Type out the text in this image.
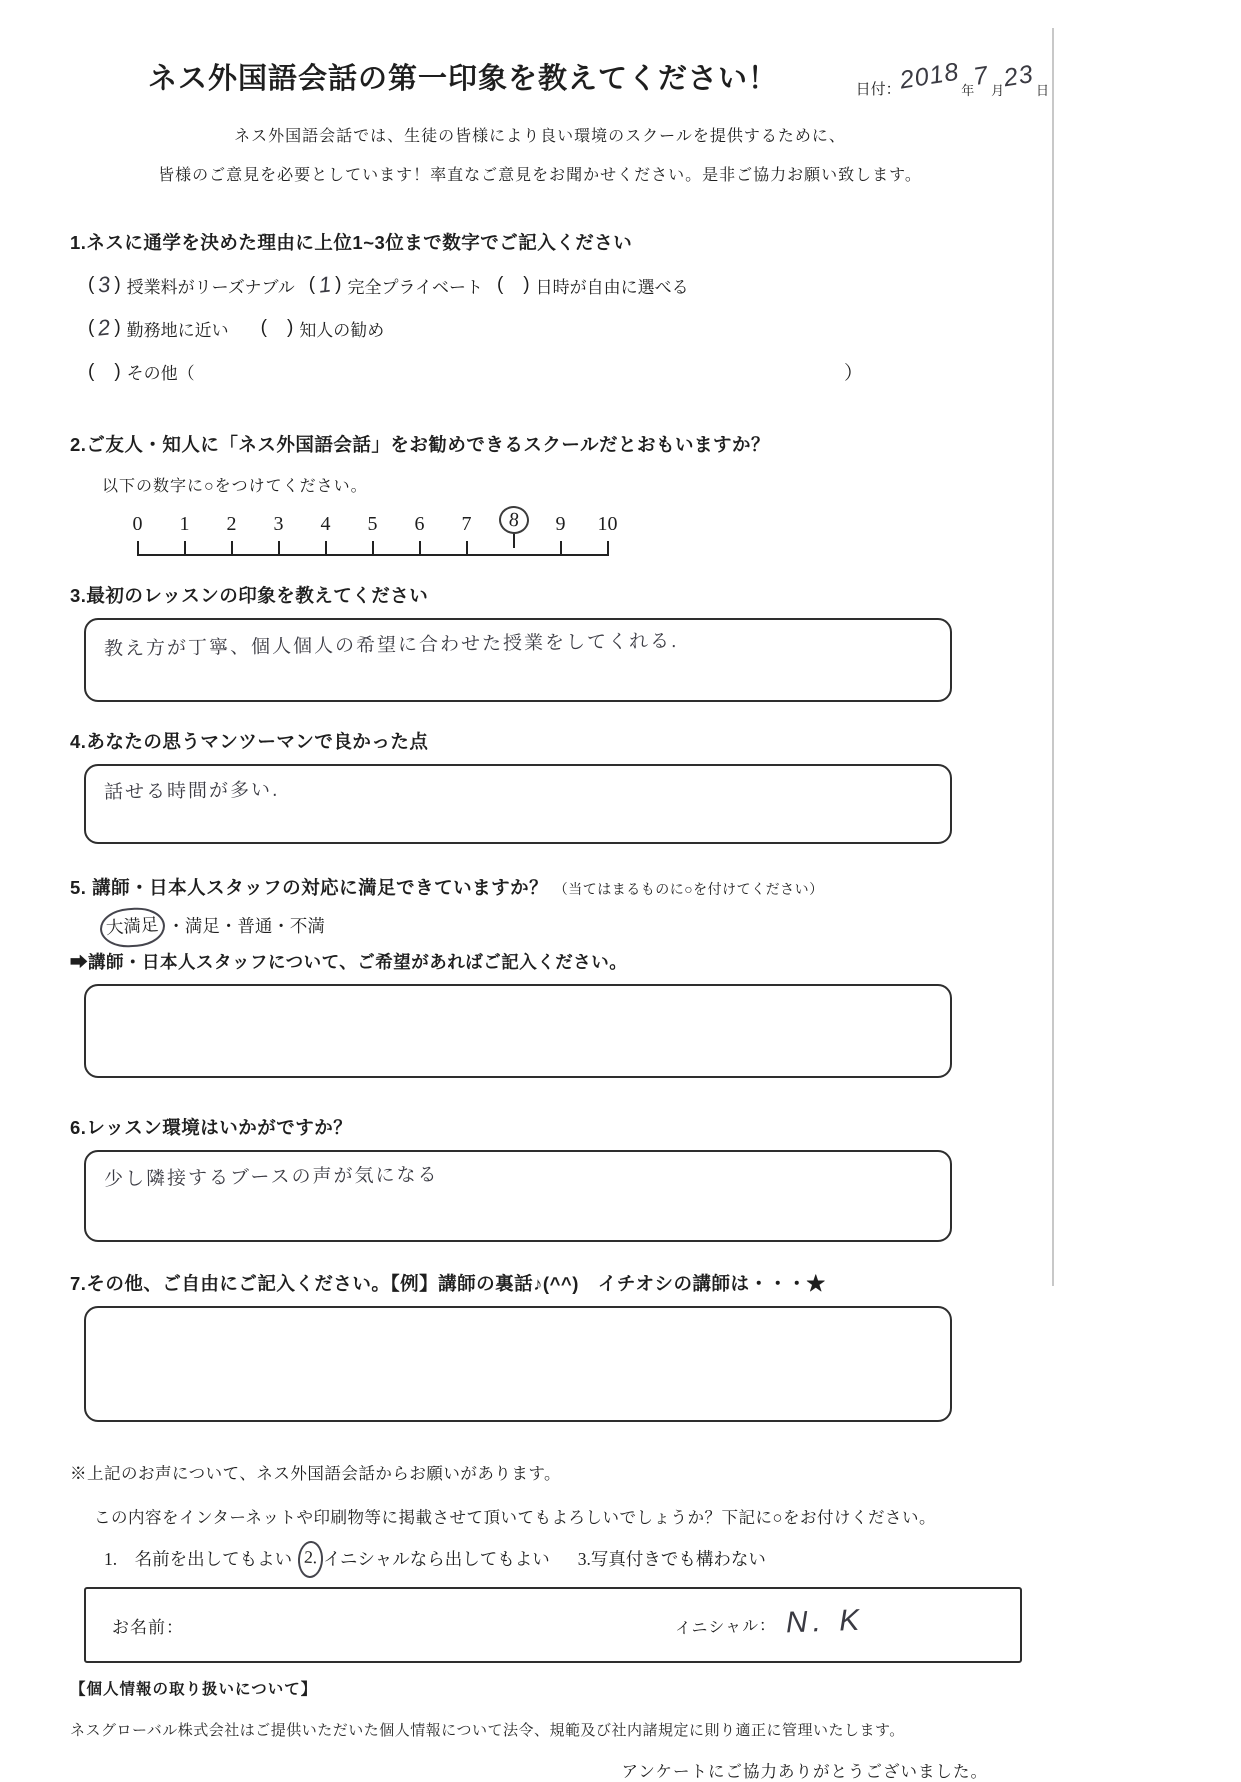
ネス外国語会話の第一印象を教えてください！	日付：
2018 年
7 月
23 日
ネス外国語会話では、生徒の皆様により良い環境のスクールを提供するために、
皆様のご意見を必要としています！率直なご意見をお聞かせください。是非ご協力お願い致します。
1.ネスに通学を決めた理由に上位1~3位まで数字でご記入ください
( 3 ) 授業料がリーズナブル ( 1 ) 完全プライベート ( ) 日時が自由に選べる
( 2 ) 勤務地に近い ( ) 知人の勧め
( ) その他（	）
2.ご友人・知人に「ネス外国語会話」をお勧めできるスクールだとおもいますか？
以下の数字に○をつけてください。
0 1 2 3 4 5 6 7	8	9 10
3.最初のレッスンの印象を教えてください
教え方が丁寧、個人個人の希望に合わせた授業をしてくれる.
4.あなたの思うマンツーマンで良かった点
話せる時間が多い.
5. 講師・日本人スタッフの対応に満足できていますか？ （当てはまるものに○を付けてください）
大満足 ・満足・普通・不満
➡講師・日本人スタッフについて、ご希望があればご記入ください。
6.レッスン環境はいかがですか？
少し隣接するブースの声が気になる
7.その他、ご自由にご記入ください。【例】講師の裏話♪(^^)　イチオシの講師は・・・★
※上記のお声について、ネス外国語会話からお願いがあります。
この内容をインターネットや印刷物等に掲載させて頂いてもよろしいでしょうか？下記に○をお付けください。
1.　名前を出してもよい 2. イニシャルなら出してもよい 3.写真付きでも構わない
お名前：	イニシャル： N. K
【個人情報の取り扱いについて】
ネスグローバル株式会社はご提供いただいた個人情報について法令、規範及び社内諸規定に則り適正に管理いたします。
アンケートにご協力ありがとうございました。
